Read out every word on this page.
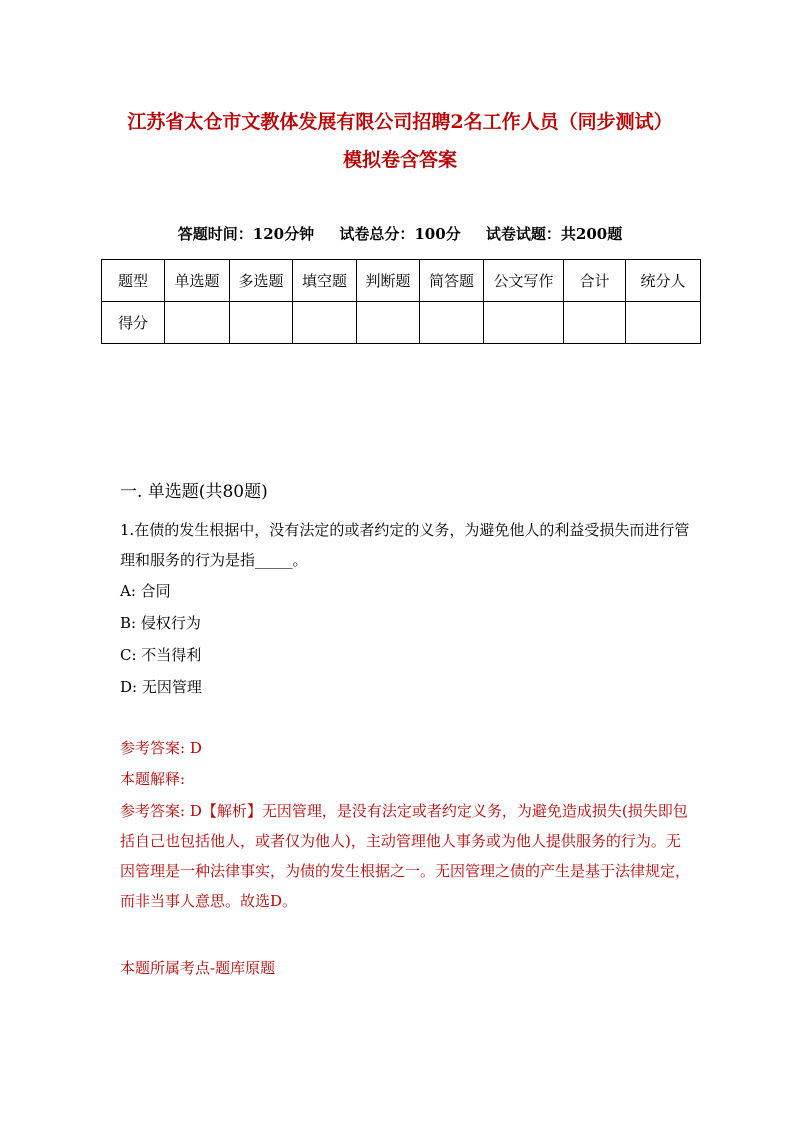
江苏省太仓市文教体发展有限公司招聘2名工作人员（同步测试）
模拟卷含答案
答题时间：120分钟 试卷总分：100分 试卷试题：共200题
题型	单选题	多选题	填空题	判断题	简答题	公文写作	合计	统分人
得分								
一. 单选题(共80题)
1.在债的发生根据中，没有法定的或者约定的义务，为避免他人的利益受损失而进行管理和服务的行为是指_____。
A: 合同
B: 侵权行为
C: 不当得利
D: 无因管理
参考答案: D
本题解释:
参考答案: D【解析】无因管理，是没有法定或者约定义务，为避免造成损失(损失即包括自己也包括他人，或者仅为他人)，主动管理他人事务或为他人提供服务的行为。无因管理是一种法律事实，为债的发生根据之一。无因管理之债的产生是基于法律规定，而非当事人意思。故选D。
本题所属考点-题库原题
